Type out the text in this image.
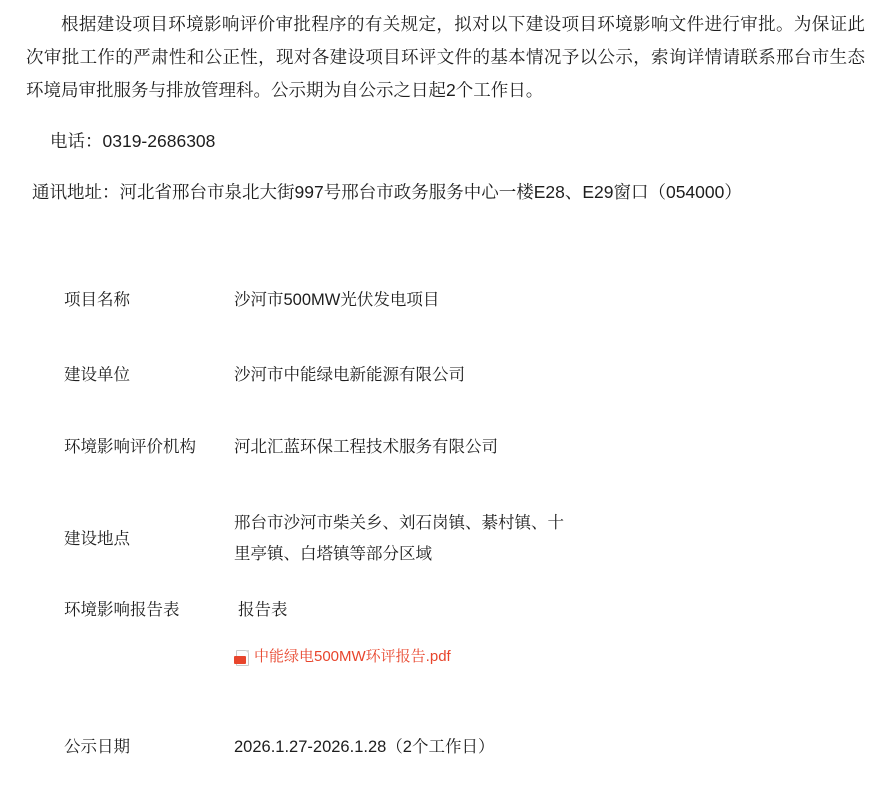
根据建设项目环境影响评价审批程序的有关规定，拟对以下建设项目环境影响文件进行审批。为保证此次审批工作的严肃性和公正性，现对各建设项目环评文件的基本情况予以公示，索询详情请联系邢台市生态环境局审批服务与排放管理科。公示期为自公示之日起2个工作日。

电话：0319-2686308

通讯地址：河北省邢台市泉北大街997号邢台市政务服务中心一楼E28、E29窗口（054000）

项目名称	沙河市500MW光伏发电项目
建设单位	沙河市中能绿电新能源有限公司
环境影响评价机构	河北汇蓝环保工程技术服务有限公司
建设地点	邢台市沙河市柴关乡、刘石岗镇、綦村镇、十
里亭镇、白塔镇等部分区域

环境影响报告表	报告表
中能绿电500MW环评报告.pdf

公示日期	2026.1.27-2026.1.28（2个工作日）
